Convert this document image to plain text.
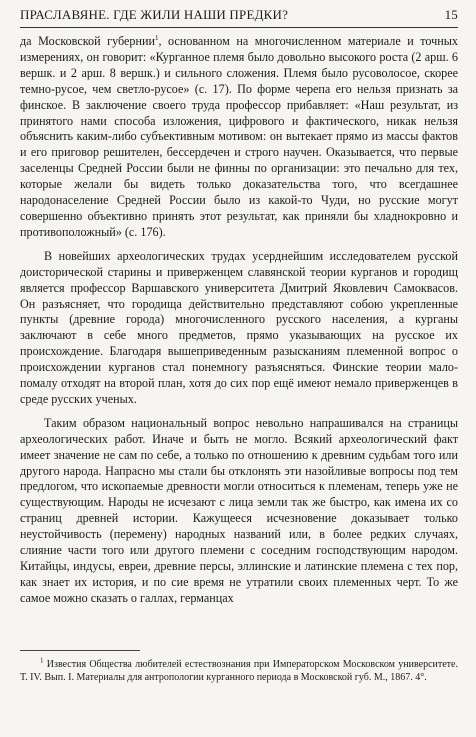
ПРАСЛАВЯНЕ. ГДЕ ЖИЛИ НАШИ ПРЕДКИ?	15

да Московской губернии$^1$, основанном на многочисленном материале и точных измерениях, он говорит: «Курганное племя было довольно высокого роста (2 арш. 6 вершк. и 2 арш. 8 вершк.) и сильного сложения. Племя было русоволосое, скорее темно-русое, чем светло-русое» (с. 17). По форме черепа его нельзя признать за финское. В заключение своего труда профессор прибавляет: «Наш результат, из принятого нами способа изложения, цифрового и фактического, никак нельзя объяснить каким-либо субъективным мотивом: он вытекает прямо из массы фактов и его приговор решителен, бессердечен и строго научен. Оказывается, что первые заселенцы Средней России были не финны по организации: это печально для тех, которые желали бы видеть только доказательства того, что всегдашнее народонаселение Средней России было из какой-то Чуди, но русские могут совершенно объективно принять этот результат, как приняли бы хладнокровно и противоположный» (с. 176).

В новейших археологических трудах усерднейшим исследователем русской доисторической старины и приверженцем славянской теории курганов и городищ является профессор Варшавского университета Дмитрий Яковлевич Самоквасов. Он разъясняет, что городища действительно представляют собою укрепленные пункты (древние города) многочисленного русского населения, а курганы заключают в себе много предметов, прямо указывающих на русское их происхождение. Благодаря вышеприведенным разысканиям племенной вопрос о происхождении курганов стал понемногу разъясняться. Финские теории мало-помалу отходят на второй план, хотя до сих пор ещё имеют немало приверженцев в среде русских ученых.

Таким образом национальный вопрос невольно напрашивался на страницы археологических работ. Иначе и быть не могло. Всякий археологический факт имеет значение не сам по себе, а только по отношению к древним судьбам того или другого народа. Напрасно мы стали бы отклонять эти назойливые вопросы под тем предлогом, что ископаемые древности могли относиться к племенам, теперь уже не существующим. Народы не исчезают с лица земли так же быстро, как имена их со страниц древней истории. Кажущееся исчезновение доказывает только неустойчивость (перемену) народных названий или, в более редких случаях, слияние части того или другого племени с соседним господствующим народом. Китайцы, индусы, евреи, древние персы, эллинские и латинские племена с тех пор, как знает их история, и по сие время не утратили своих племенных черт. То же самое можно сказать о галлах, германцах

$^1$ Известия Общества любителей естествознания при Императорском Московском университете. Т. IV. Вып. I. Материалы для антропологии курганного периода в Московской губ. М., 1867. 4°.
